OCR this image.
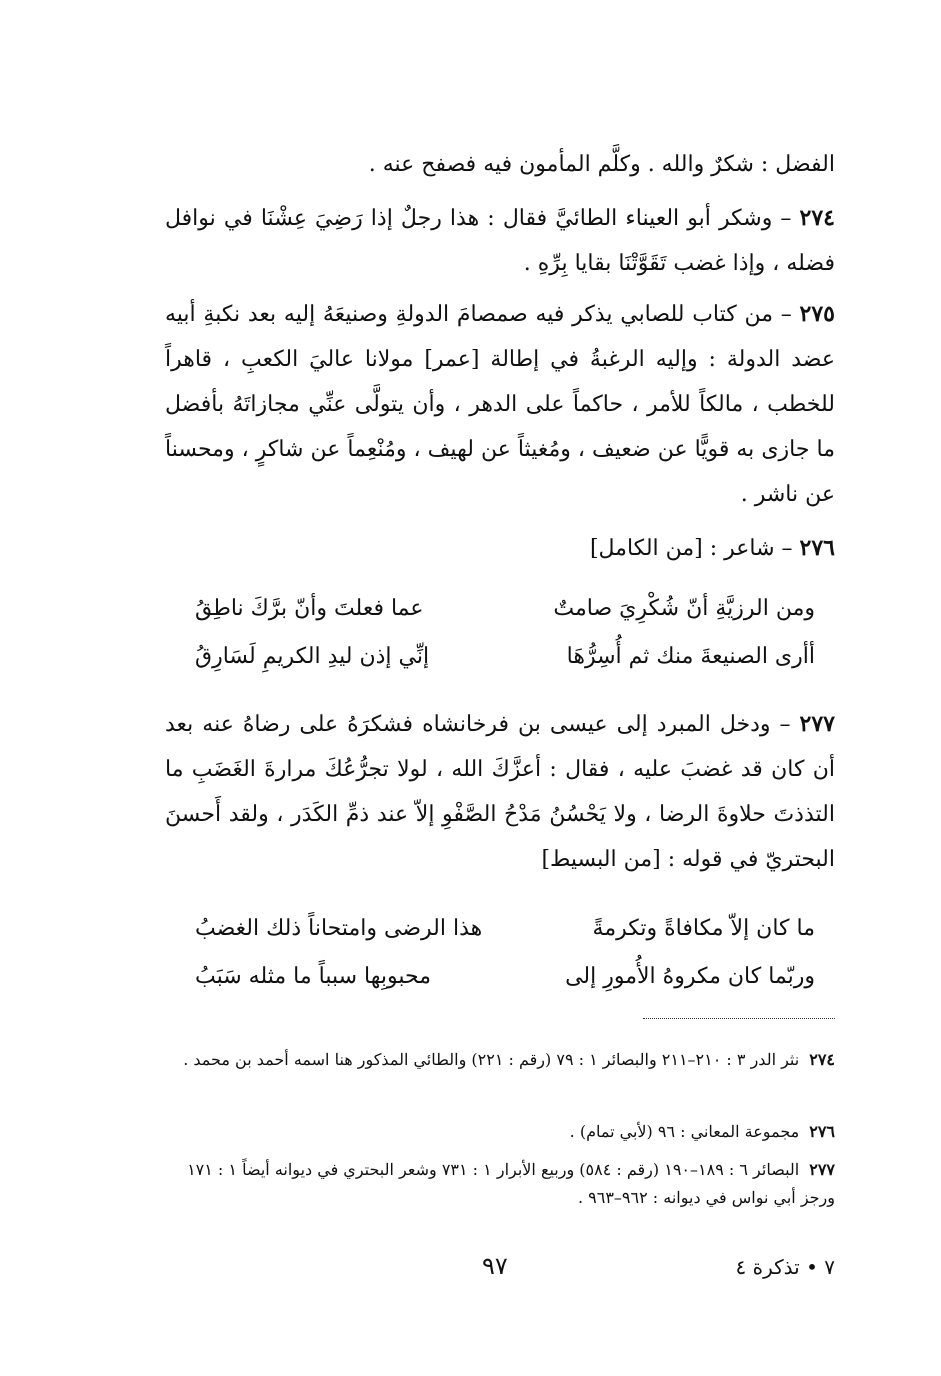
الفضل : شكرٌ والله . وكلَّم المأمون فيه فصفح عنه .

٢٧٤ – وشكر أبو العيناء الطائيَّ فقال : هذا رجلٌ إذا رَضِيَ عِشْنَا في نوافل فضله ، وإذا غضب تَقَوَّتْنَا بقايا بِرِّهِ .

٢٧٥ – من كتاب للصابي يذكر فيه صمصامَ الدولةِ وصنيعَهُ إليه بعد نكبةِ أبيه عضد الدولة : وإليه الرغبةُ في إطالة [عمر] مولانا عاليَ الكعبِ ، قاهراً للخطب ، مالكاً للأمر ، حاكماً على الدهر ، وأن يتولَّى عنِّي مجازاتَهُ بأفضل ما جازى به قويًّا عن ضعيف ، ومُغيثاً عن لهيف ، ومُنْعِماً عن شاكرٍ ، ومحسناً عن ناشر .

٢٧٦ – شاعر : [من الكامل]

ومن الرزيَّةِ أنّ شُكْرِيَ صامتٌ
عما فعلتَ وأنّ برَّكَ ناطِقُ
أأرى الصنيعةَ منك ثم أُسِرُّهَا
إنِّي إذن ليدِ الكريمِ لَسَارِقُ

٢٧٧ – ودخل المبرد إلى عيسى بن فرخانشاه فشكرَهُ على رضاهُ عنه بعد أن كان قد غضبَ عليه ، فقال : أعزَّكَ الله ، لولا تجرُّعُكَ مرارةَ الغَضَبِ ما التذذتَ حلاوةَ الرضا ، ولا يَحْسُنُ مَدْحُ الصَّفْوِ إلاّ عند ذمِّ الكَدَر ، ولقد أَحسنَ البحتريّ في قوله : [من البسيط]

ما كان إلاّ مكافاةً وتكرمةً
هذا الرضى وامتحاناً ذلك الغضبُ
وربّما كان مكروهُ الأُمورِ إلى
محبوبِها سبباً ما مثله سَبَبُ
٢٧٤نثر الدر ٣ : ٢١٠–٢١١ والبصائر ١ : ٧٩ (رقم : ٢٢١) والطائي المذكور هنا اسمه أحمد بن محمد .
٢٧٦مجموعة المعاني : ٩٦ (لأبي تمام) .
٢٧٧البصائر ٦ : ١٨٩–١٩٠ (رقم : ٥٨٤) وربيع الأبرار ١ : ٧٣١ وشعر البحتري في ديوانه أيضاً ١ : ١٧١ ورجز أبي نواس في ديوانه : ٩٦٢–٩٦٣ .
٧ • تذكرة ٤
٩٧
